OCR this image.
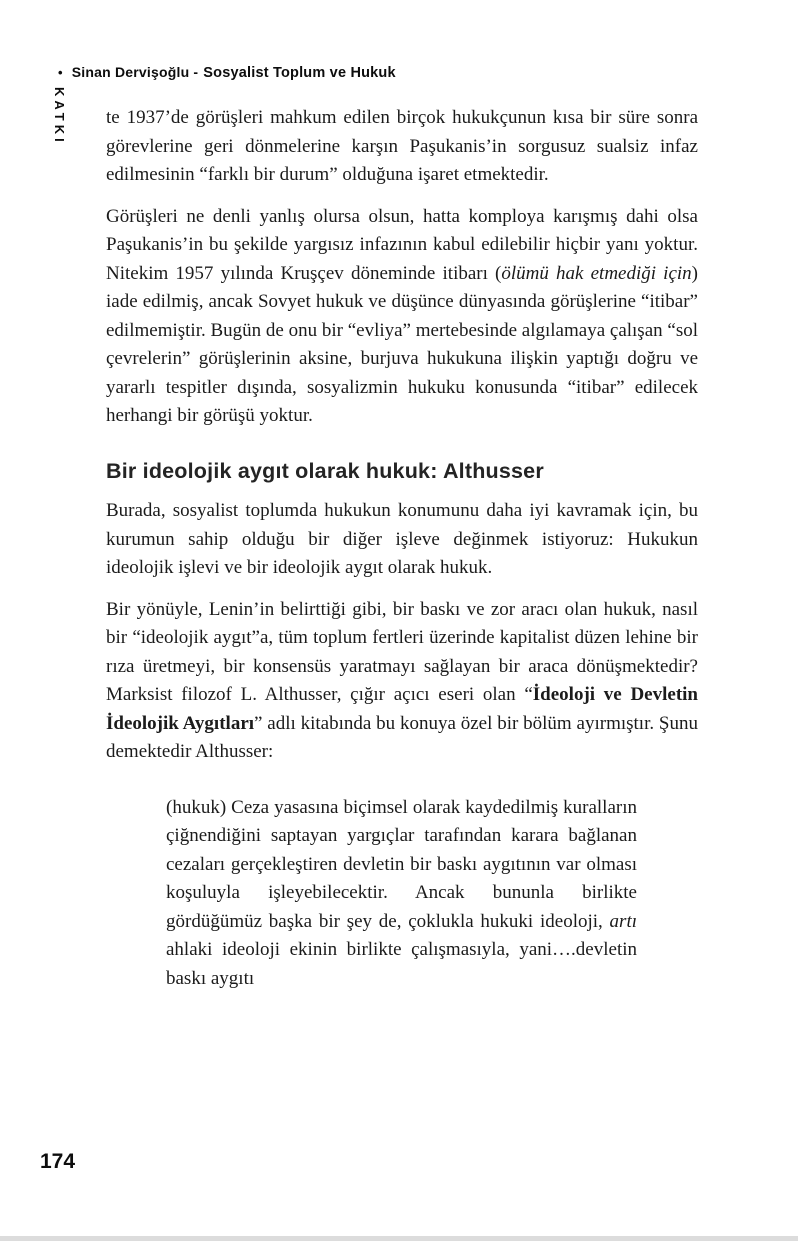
• Sinan Dervişoğlu - Sosyalist Toplum ve Hukuk
KATKI te 1937’de görüşleri mahkum edilen birçok hukukçunun kısa bir süre sonra görevlerine geri dönmelerine karşın Paşukanis’in sorgusuz sualsiz infaz edilmesinin “farklı bir durum” olduğuna işaret etmektedir.

Görüşleri ne denli yanlış olursa olsun, hatta komploya karışmış dahi olsa Paşukanis’in bu şekilde yargısız infazının kabul edilebilir hiçbir yanı yoktur. Nitekim 1957 yılında Kruşçev döneminde itibarı (ölümü hak etmediği için) iade edilmiş, ancak Sovyet hukuk ve düşünce dünyasında görüşlerine “itibar” edilmemiştir. Bugün de onu bir “evliya” mertebesinde algılamaya çalışan “sol çevrelerin” görüşlerinin aksine, burjuva hukukuna ilişkin yaptığı doğru ve yararlı tespitler dışında, sosyalizmin hukuku konusunda “itibar” edilecek herhangi bir görüşü yoktur.

Bir ideolojik aygıt olarak hukuk: Althusser

Burada, sosyalist toplumda hukukun konumunu daha iyi kavramak için, bu kurumun sahip olduğu bir diğer işleve değinmek istiyoruz: Hukukun ideolojik işlevi ve bir ideolojik aygıt olarak hukuk.

Bir yönüyle, Lenin’in belirttiği gibi, bir baskı ve zor aracı olan hukuk, nasıl bir “ideolojik aygıt”a, tüm toplum fertleri üzerinde kapitalist düzen lehine bir rıza üretmeyi, bir konsensüs yaratmayı sağlayan bir araca dönüşmektedir? Marksist filozof L. Althusser, çığır açıcı eseri olan “İdeoloji ve Devletin İdeolojik Aygıtları” adlı kitabında bu konuya özel bir bölüm ayırmıştır. Şunu demektedir Althusser:

(hukuk) Ceza yasasına biçimsel olarak kaydedilmiş kuralların çiğnendiğini saptayan yargıçlar tarafından karara bağlanan cezaları gerçekleştiren devletin bir baskı aygıtının var olması koşuluyla işleyebilecektir. Ancak bununla birlikte gördüğümüz başka bir şey de, çoklukla hukuki ideoloji, artı ahlaki ideoloji ekinin birlikte çalışmasıyla, yani….devletin baskı aygıtı
174
